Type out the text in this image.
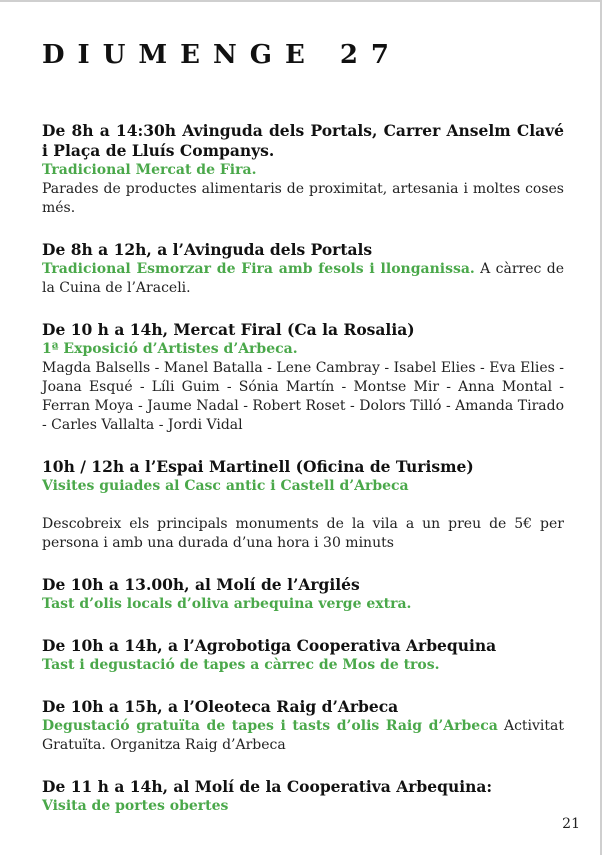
DIUMENGE 27
De 8h a 14:30h Avinguda dels Portals, Carrer Anselm Clavé i Plaça de Lluís Companys.
Tradicional Mercat de Fira.
Parades de productes alimentaris de proximitat, artesania i moltes coses més.
De 8h a 12h, a l’Avinguda dels Portals
Tradicional Esmorzar de Fira amb fesols i llonganissa. A càrrec de la Cuina de l’Araceli.
De 10 h a 14h, Mercat Firal (Ca la Rosalia)
1ª Exposició d’Artistes d’Arbeca.
Magda Balsells - Manel Batalla - Lene Cambray - Isabel Elies - Eva Elies - Joana Esqué - Líli Guim - Sónia Martín - Montse Mir - Anna Montal - Ferran Moya - Jaume Nadal - Robert Roset - Dolors Tilló - Amanda Tirado - Carles Vallalta - Jordi Vidal
10h / 12h a l’Espai Martinell (Oficina de Turisme)
Visites guiades al Casc antic i Castell d’Arbeca
Descobreix els principals monuments de la vila a un preu de 5€ per persona i amb una durada d’una hora i 30 minuts
De 10h a 13.00h, al Molí de l’Argilés
Tast d’olis locals d’oliva arbequina verge extra.
De 10h a 14h, a l’Agrobotiga Cooperativa Arbequina
Tast i degustació de tapes a càrrec de Mos de tros.
De 10h a 15h, a l’Oleoteca Raig d’Arbeca
Degustació gratuïta de tapes i tasts d’olis Raig d’Arbeca Activitat Gratuïta. Organitza Raig d’Arbeca
De 11 h a 14h, al Molí de la Cooperativa Arbequina:
Visita de portes obertes
21
